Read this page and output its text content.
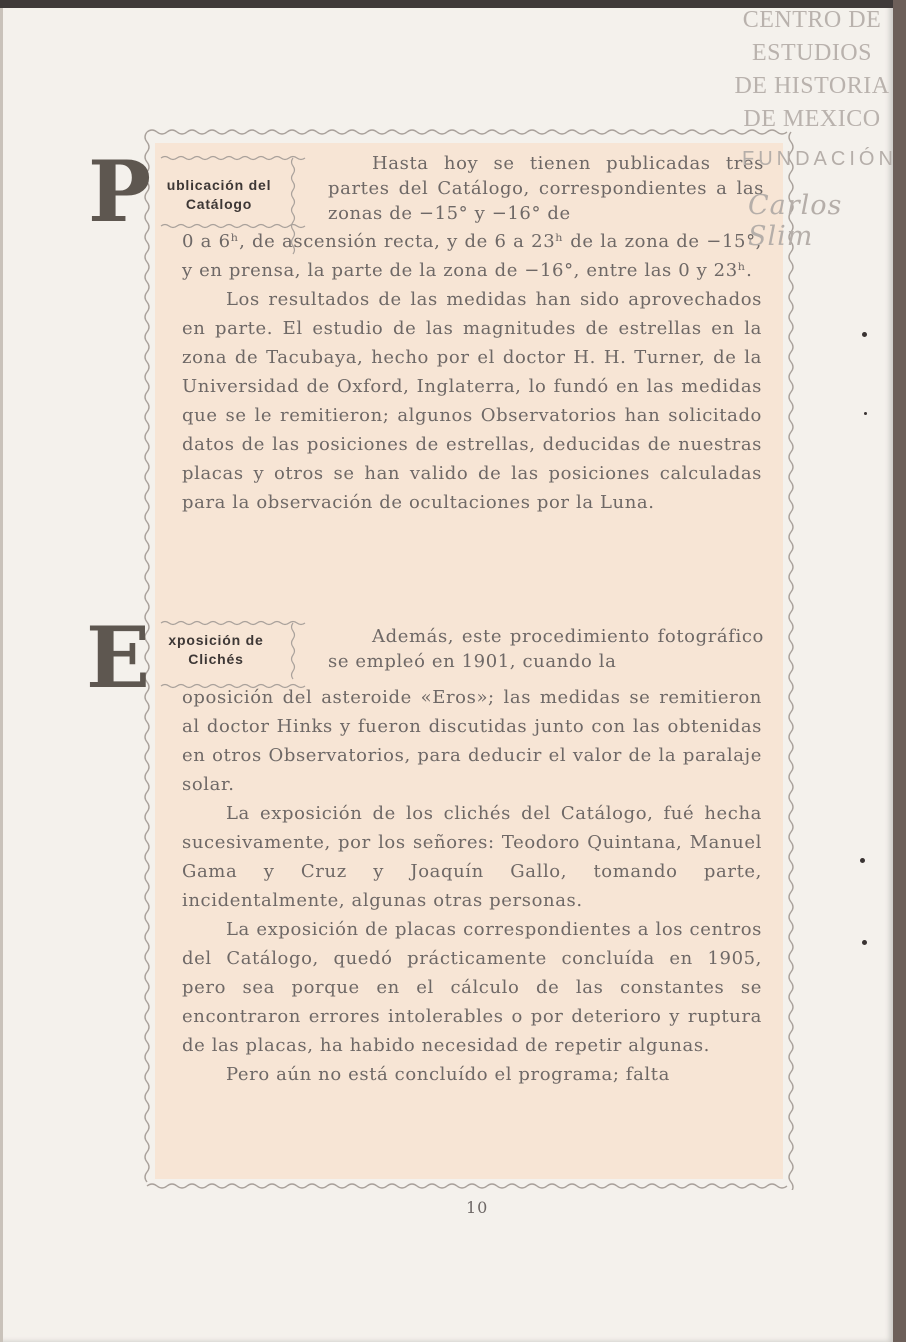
CENTRO DE
ESTUDIOS
DE HISTORIA
DE MEXICO
P	ublicación del
Catálogo

Hasta hoy se tienen publicadas tres partes del Catálogo, correspondientes a las zonas de −15° y −16° de

0 a 6ʰ, de ascensión recta, y de 6 a 23ʰ de la zona de −15°, y en prensa, la parte de la zona de −16°, entre las 0 y 23ʰ.

Los resultados de las medidas han sido aprovechados en parte. El estudio de las magnitudes de estrellas en la zona de Tacubaya, hecho por el doctor H. H. Turner, de la Universidad de Oxford, Inglaterra, lo fundó en las medidas que se le remitieron; algunos Observatorios han solicitado datos de las posiciones de estrellas, deducidas de nuestras placas y otros se han valido de las posiciones calculadas para la observación de ocultaciones por la Luna.

E	xposición de
Clichés

Además, este procedimiento fotográfico se empleó en 1901, cuando la

oposición del asteroide «Eros»; las medidas se remitieron al doctor Hinks y fueron discutidas junto con las obtenidas en otros Observatorios, para deducir el valor de la paralaje solar.

La exposición de los clichés del Catálogo, fué hecha sucesivamente, por los señores: Teodoro Quintana, Manuel Gama y Cruz y Joaquín Gallo, tomando parte, incidentalmente, algunas otras personas.

La exposición de placas correspondientes a los centros del Catálogo, quedó prácticamente concluída en 1905, pero sea porque en el cálculo de las constantes se encontraron errores intolerables o por deterioro y ruptura de las placas, ha habido necesidad de repetir algunas.

Pero aún no está concluído el programa; falta

10
FUNDACIÓN
Carlos Slim
